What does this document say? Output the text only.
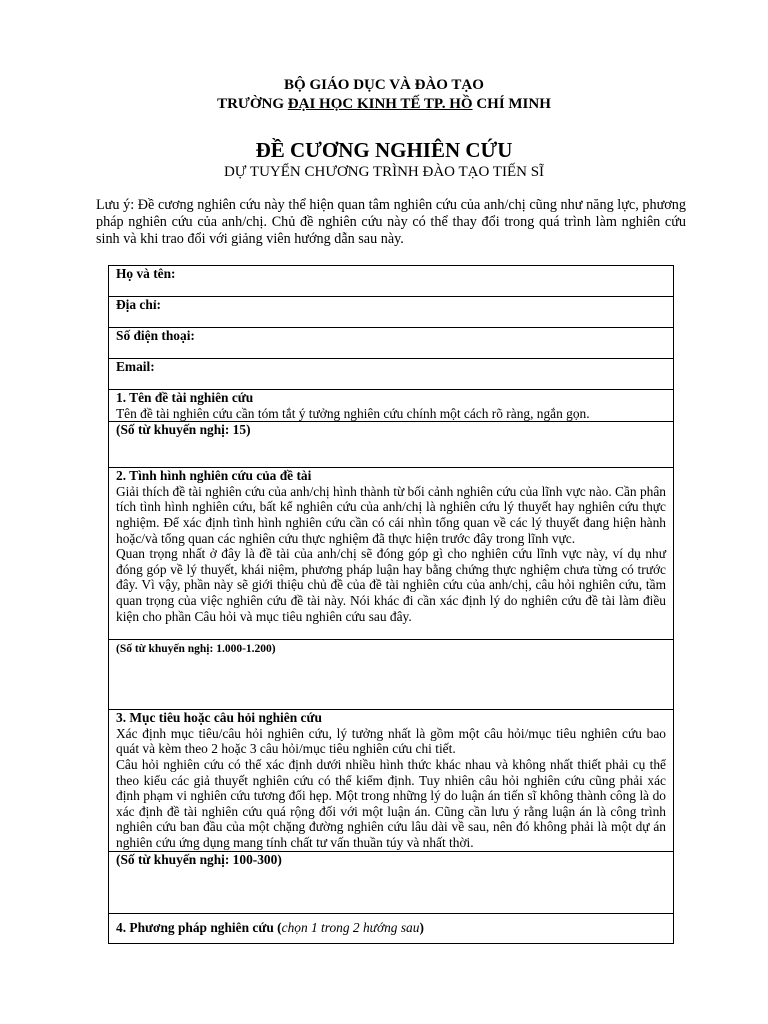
BỘ GIÁO DỤC VÀ ĐÀO TẠO
TRƯỜNG ĐẠI HỌC KINH TẾ TP. HỒ CHÍ MINH
ĐỀ CƯƠNG NGHIÊN CỨU
DỰ TUYỂN CHƯƠNG TRÌNH ĐÀO TẠO TIẾN SĨ
Lưu ý: Đề cương nghiên cứu này thể hiện quan tâm nghiên cứu của anh/chị cũng như năng lực, phương pháp nghiên cứu của anh/chị. Chủ đề nghiên cứu này có thể thay đổi trong quá trình làm nghiên cứu sinh và khi trao đổi với giảng viên hướng dẫn sau này.
Họ và tên:
Địa chỉ:
Số điện thoại:
Email:

1. Tên đề tài nghiên cứu
Tên đề tài nghiên cứu cần tóm tắt ý tưởng nghiên cứu chính một cách rõ ràng, ngắn gọn.

(Số từ khuyến nghị: 15)

2. Tình hình nghiên cứu của đề tài

Giải thích đề tài nghiên cứu của anh/chị hình thành từ bối cảnh nghiên cứu của lĩnh vực nào. Cần phân tích tình hình nghiên cứu, bất kể nghiên cứu của anh/chị là nghiên cứu lý thuyết hay nghiên cứu thực nghiệm. Để xác định tình hình nghiên cứu cần có cái nhìn tổng quan về các lý thuyết đang hiện hành hoặc/và tổng quan các nghiên cứu thực nghiệm đã thực hiện trước đây trong lĩnh vực.

Quan trọng nhất ở đây là đề tài của anh/chị sẽ đóng góp gì cho nghiên cứu lĩnh vực này, ví dụ như đóng góp về lý thuyết, khái niệm, phương pháp luận hay bằng chứng thực nghiệm chưa từng có trước đây. Vì vậy, phần này sẽ giới thiệu chủ đề của đề tài nghiên cứu của anh/chị, câu hỏi nghiên cứu, tầm quan trọng của việc nghiên cứu đề tài này. Nói khác đi cần xác định lý do nghiên cứu đề tài làm điều kiện cho phần Câu hỏi và mục tiêu nghiên cứu sau đây.

(Số từ khuyến nghị: 1.000-1.200)

3. Mục tiêu hoặc câu hỏi nghiên cứu

Xác định mục tiêu/câu hỏi nghiên cứu, lý tưởng nhất là gồm một câu hỏi/mục tiêu nghiên cứu bao quát và kèm theo 2 hoặc 3 câu hỏi/mục tiêu nghiên cứu chi tiết.

Câu hỏi nghiên cứu có thể xác định dưới nhiều hình thức khác nhau và không nhất thiết phải cụ thể theo kiểu các giả thuyết nghiên cứu có thể kiểm định. Tuy nhiên câu hỏi nghiên cứu cũng phải xác định phạm vi nghiên cứu tương đối hẹp. Một trong những lý do luận án tiến sĩ không thành công là do xác định đề tài nghiên cứu quá rộng đối với một luận án. Cũng cần lưu ý rằng luận án là công trình nghiên cứu ban đầu của một chặng đường nghiên cứu lâu dài về sau, nên đó không phải là một dự án nghiên cứu ứng dụng mang tính chất tư vấn thuần túy và nhất thời.

(Số từ khuyến nghị: 100-300)
4. Phương pháp nghiên cứu (chọn 1 trong 2 hướng sau)
